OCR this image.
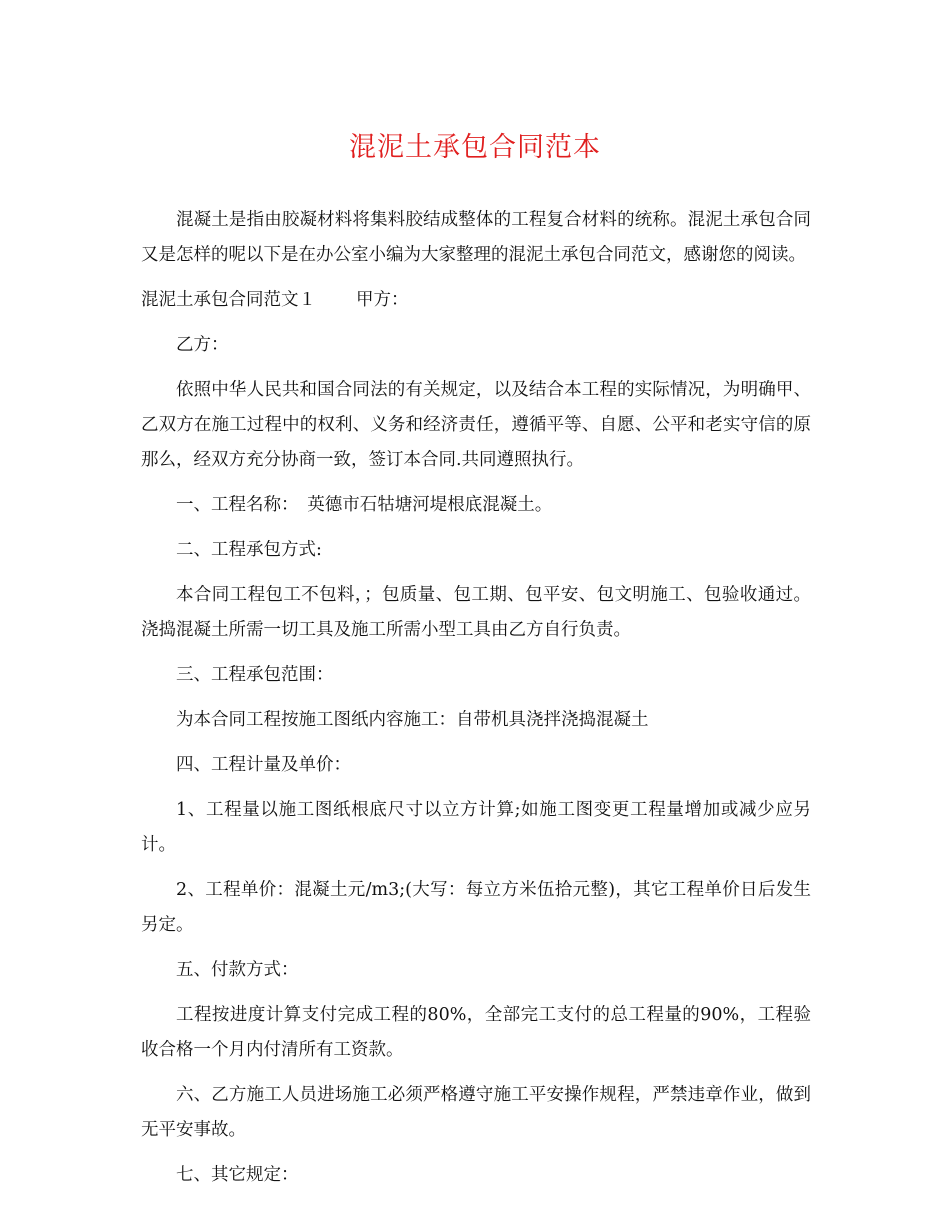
混泥土承包合同范本

混凝土是指由胶凝材料将集料胶结成整体的工程复合材料的统称。混泥土承包合同又是怎样的呢以下是在办公室小编为大家整理的混泥土承包合同范文，感谢您的阅读。

混泥土承包合同范文１ 甲方：

乙方：

依照中华人民共和国合同法的有关规定，以及结合本工程的实际情况，为明确甲、乙双方在施工过程中的权利、义务和经济责任，遵循平等、自愿、公平和老实守信的原那么，经双方充分协商一致，签订本合同.共同遵照执行。

一、工程名称：　英德市石牯塘河堤根底混凝土。

二、工程承包方式:

本合同工程包工不包料，；包质量、包工期、包平安、包文明施工、包验收通过。浇捣混凝土所需一切工具及施工所需小型工具由乙方自行负责。

三、工程承包范围：

为本合同工程按施工图纸内容施工：自带机具浇拌浇捣混凝土

四、工程计量及单价：

1、工程量以施工图纸根底尺寸以立方计算;如施工图变更工程量增加或减少应另计。

2、工程单价：混凝土元/m3;(大写：每立方米伍拾元整)，其它工程单价日后发生另定。

五、付款方式：

工程按进度计算支付完成工程的80%，全部完工支付的总工程量的90%，工程验收合格一个月内付清所有工资款。

六、乙方施工人员进场施工必须严格遵守施工平安操作规程，严禁违章作业，做到无平安事故。

七、其它规定：
